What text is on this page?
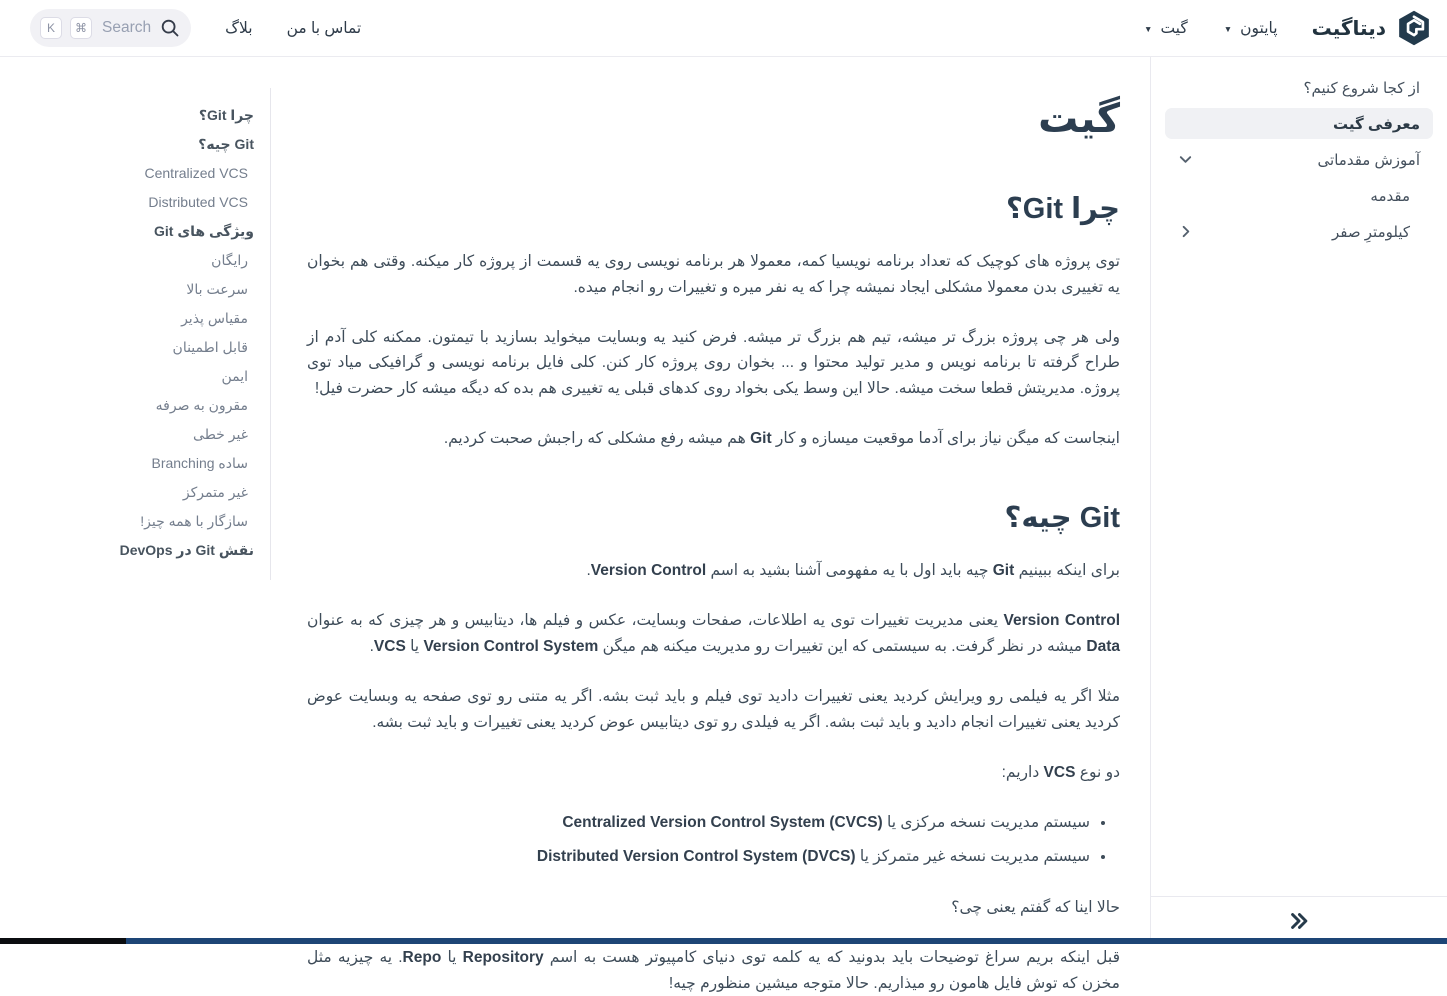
دیتاگیت
پایتون
▼
گیت
▼
تماس با من
بلاگ
Search
⌘
K
از کجا شروع کنیم؟
معرفی گیت
آموزش مقدماتی
مقدمه
کیلومترِ صفر
چرا Git؟
Git چیه؟
Centralized VCS
Distributed VCS
ویژگی های Git
رایگان
سرعت بالا
مقیاس پذیر
قابل اطمینان
ایمن
مقرون به صرفه
غیر خطی
ساده Branching
غیر متمرکز
سازگار با همه چیز!
نقش Git در DevOps
گیت
چرا Git؟

توی پروژه های کوچیک که تعداد برنامه نویسیا کمه، معمولا هر برنامه نویسی روی یه قسمت از پروژه کار میکنه. وقتی هم بخوان یه تغییری بدن معمولا مشکلی ایجاد نمیشه چرا که یه نفر میره و تغییرات رو انجام میده.

ولی هر چی پروژه بزرگ تر میشه، تیم هم بزرگ تر میشه. فرض کنید یه وبسایت میخواید بسازید با تیمتون. ممکنه کلی آدم از طراح گرفته تا برنامه نویس و مدیر تولید محتوا و ... بخوان روی پروژه کار کنن. کلی فایل برنامه نویسی و گرافیکی میاد توی پروژه. مدیریتش قطعا سخت میشه. حالا این وسط یکی بخواد روی کدهای قبلی یه تغییری هم بده که دیگه میشه کار حضرت فیل!

اینجاست که میگن نیاز برای آدما موقعیت میسازه و کار Git هم میشه رفع مشکلی که راجبش صحبت کردیم.

Git چیه؟

برای اینکه ببینیم Git چیه باید اول با یه مفهومی آشنا بشید به اسم Version Control.

Version Control یعنی مدیریت تغییرات توی یه اطلاعات، صفحات وبسایت، عکس و فیلم ها، دیتابیس و هر چیزی که به عنوان Data میشه در نظر گرفت. به سیستمی که این تغییرات رو مدیریت میکنه هم میگن Version Control System یا VCS.

مثلا اگر یه فیلمی رو ویرایش کردید یعنی تغییرات دادید توی فیلم و باید ثبت بشه. اگر یه متنی رو توی صفحه یه وبسایت عوض کردید یعنی تغییرات انجام دادید و باید ثبت بشه. اگر یه فیلدی رو توی دیتابیس عوض کردید یعنی تغییرات و باید ثبت بشه.

دو نوع VCS داریم:

• سیستم مدیریت نسخه مرکزی یا Centralized Version Control System (CVCS)
• سیستم مدیریت نسخه غیر متمرکز یا Distributed Version Control System (DVCS)

حالا اینا که گفتم یعنی چی؟

قبل اینکه بریم سراغ توضیحات باید بدونید که یه کلمه توی دنیای کامپیوتر هست به اسم Repository یا Repo. یه چیزیه مثل مخزن که توش فایل هامون رو میذاریم. حالا متوجه میشین منظورم چیه!
